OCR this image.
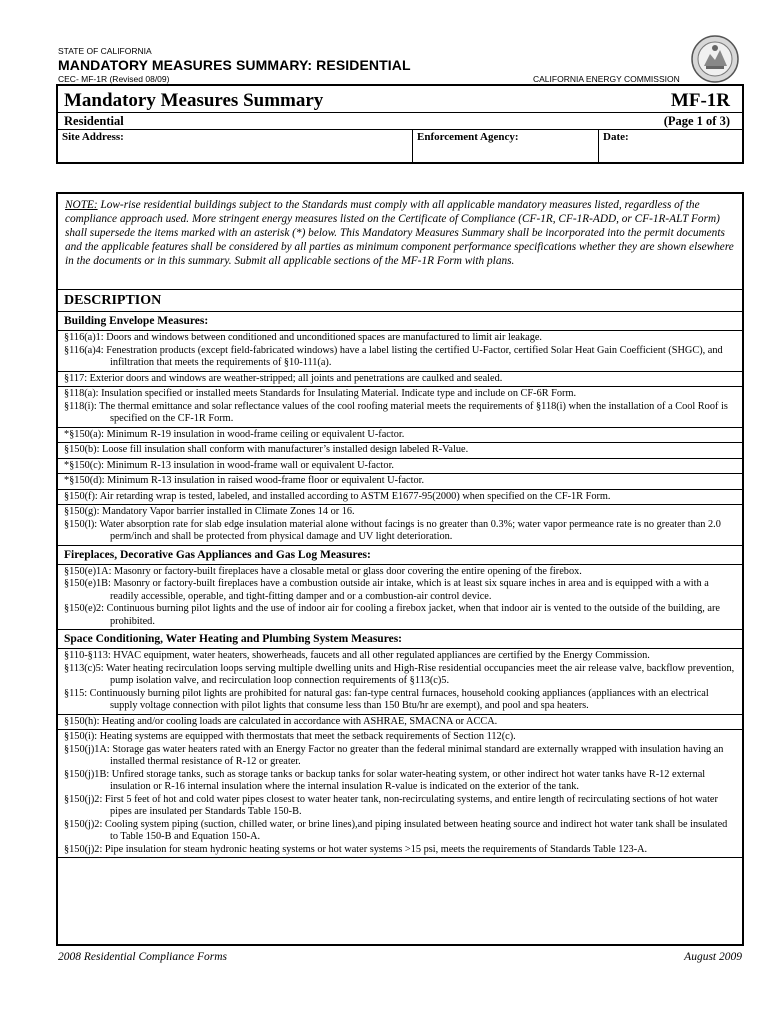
STATE OF CALIFORNIA
MANDATORY MEASURES SUMMARY: RESIDENTIAL
CEC- MF-1R (Revised 08/09)	CALIFORNIA ENERGY COMMISSION
Mandatory Measures Summary	MF-1R
Residential	(Page 1 of 3)
Site Address:	Enforcement Agency:	Date:
NOTE: Low-rise residential buildings subject to the Standards must comply with all applicable mandatory measures listed, regardless of the compliance approach used. More stringent energy measures listed on the Certificate of Compliance (CF-1R, CF-1R-ADD, or CF-1R-ALT Form) shall supersede the items marked with an asterisk (*) below. This Mandatory Measures Summary shall be incorporated into the permit documents and the applicable features shall be considered by all parties as minimum component performance specifications whether they are shown elsewhere in the documents or in this summary. Submit all applicable sections of the MF-1R Form with plans.
DESCRIPTION
Building Envelope Measures:
§116(a)1: Doors and windows between conditioned and unconditioned spaces are manufactured to limit air leakage.
§116(a)4: Fenestration products (except field-fabricated windows) have a label listing the certified U-Factor, certified Solar Heat Gain Coefficient (SHGC), and infiltration that meets the requirements of §10-111(a).
§117: Exterior doors and windows are weather-stripped; all joints and penetrations are caulked and sealed.
§118(a): Insulation specified or installed meets Standards for Insulating Material. Indicate type and include on CF-6R Form.
§118(i): The thermal emittance and solar reflectance values of the cool roofing material meets the requirements of §118(i) when the installation of a Cool Roof is specified on the CF-1R Form.
*§150(a): Minimum R-19 insulation in wood-frame ceiling or equivalent U-factor.
§150(b): Loose fill insulation shall conform with manufacturer’s installed design labeled R-Value.
*§150(c): Minimum R-13 insulation in wood-frame wall or equivalent U-factor.
*§150(d): Minimum R-13 insulation in raised wood-frame floor or equivalent U-factor.
§150(f): Air retarding wrap is tested, labeled, and installed according to ASTM E1677-95(2000) when specified on the CF-1R Form.
§150(g): Mandatory Vapor barrier installed in Climate Zones 14 or 16.
§150(l): Water absorption rate for slab edge insulation material alone without facings is no greater than 0.3%; water vapor permeance rate is no greater than 2.0 perm/inch and shall be protected from physical damage and UV light deterioration.
Fireplaces, Decorative Gas Appliances and Gas Log Measures:
§150(e)1A: Masonry or factory-built fireplaces have a closable metal or glass door covering the entire opening of the firebox.
§150(e)1B: Masonry or factory-built fireplaces have a combustion outside air intake, which is at least six square inches in area and is equipped with a with a readily accessible, operable, and tight-fitting damper and or a combustion-air control device.
§150(e)2: Continuous burning pilot lights and the use of indoor air for cooling a firebox jacket, when that indoor air is vented to the outside of the building, are prohibited.
Space Conditioning, Water Heating and Plumbing System Measures:
§110-§113: HVAC equipment, water heaters, showerheads, faucets and all other regulated appliances are certified by the Energy Commission.
§113(c)5: Water heating recirculation loops serving multiple dwelling units and High-Rise residential occupancies meet the air release valve, backflow prevention, pump isolation valve, and recirculation loop connection requirements of §113(c)5.
§115: Continuously burning pilot lights are prohibited for natural gas: fan-type central furnaces, household cooking appliances (appliances with an electrical supply voltage connection with pilot lights that consume less than 150 Btu/hr are exempt), and pool and spa heaters.
§150(h): Heating and/or cooling loads are calculated in accordance with ASHRAE, SMACNA or ACCA.
§150(i): Heating systems are equipped with thermostats that meet the setback requirements of Section 112(c).
§150(j)1A: Storage gas water heaters rated with an Energy Factor no greater than the federal minimal standard are externally wrapped with insulation having an installed thermal resistance of R-12 or greater.
§150(j)1B: Unfired storage tanks, such as storage tanks or backup tanks for solar water-heating system, or other indirect hot water tanks have R-12 external insulation or R-16 internal insulation where the internal insulation R-value is indicated on the exterior of the tank.
§150(j)2: First 5 feet of hot and cold water pipes closest to water heater tank, non-recirculating systems, and entire length of recirculating sections of hot water pipes are insulated per Standards Table 150-B.
§150(j)2: Cooling system piping (suction, chilled water, or brine lines),and piping insulated between heating source and indirect hot water tank shall be insulated to Table 150-B and Equation 150-A.
§150(j)2: Pipe insulation for steam hydronic heating systems or hot water systems >15 psi, meets the requirements of Standards Table 123-A.
2008 Residential Compliance Forms	August 2009
